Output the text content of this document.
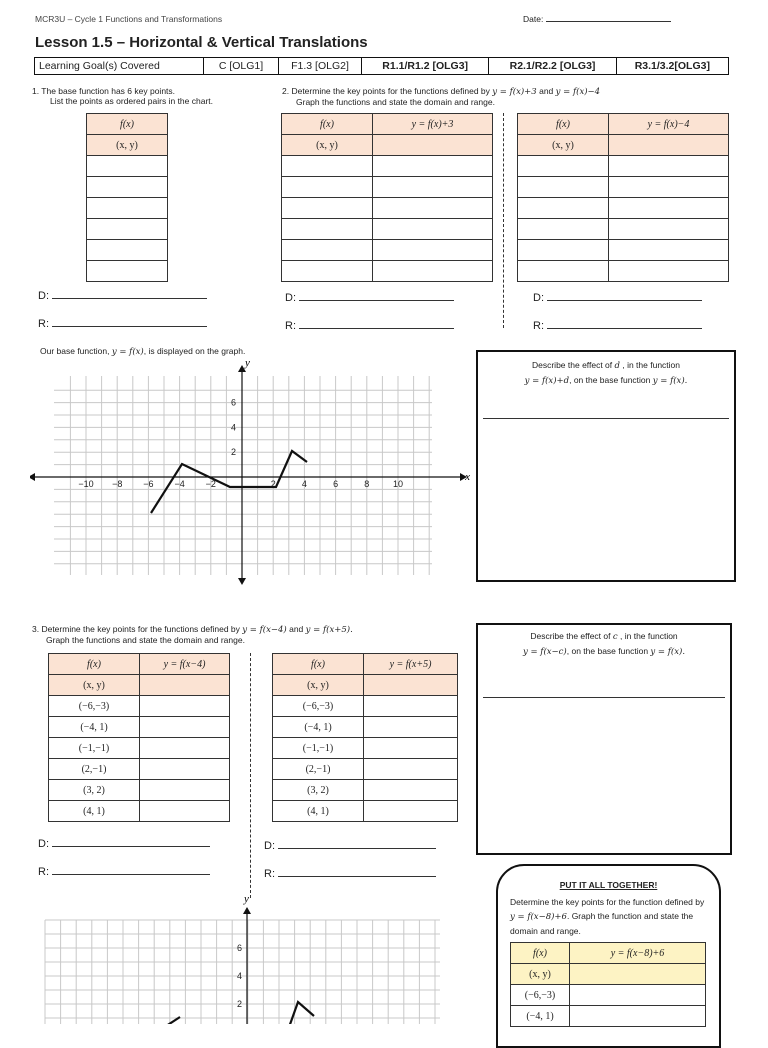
MCR3U – Cycle 1 Functions and Transformations	Date:
Lesson 1.5 – Horizontal & Vertical Translations
Learning Goal(s) Covered	C [OLG1]	F1.3 [OLG2]	R1.1/R1.2 [OLG3]	R2.1/R2.2 [OLG3]	R3.1/3.2[OLG3]
1. The base function has 6 key points.
List the points as ordered pairs in the chart.
f(x)
(x, y)

2. Determine the key points for the functions defined by y = f(x)+3 and y = f(x)−4
Graph the functions and state the domain and range.
f(x)	y = f(x)+3
(x, y)	

f(x)	y = f(x)−4
(x, y)	

D:
R:
D:
R:
D:
R:
Our base function, y = f(x), is displayed on the graph.
x
y
−10 −8 −6 −4 −2	2	4	6	8	10
6
4
2
Describe the effect of d , in the function
y = f(x)+d, on the base function y = f(x).
3. Determine the key points for the functions defined by y = f(x−4) and y = f(x+5).
Graph the functions and state the domain and range.
f(x)	y = f(x−4)
(x, y)	
(−6,−3)	
(−4, 1)	
(−1,−1)	
(2,−1)	
(3, 2)	
(4, 1)	
f(x)	y = f(x+5)
(x, y)	
(−6,−3)	
(−4, 1)	
(−1,−1)	
(2,−1)	
(3, 2)	
(4, 1)	
Describe the effect of c , in the function
y = f(x−c), on the base function y = f(x).
D:
R:
D:
R:
y
6
4
2
PUT IT ALL TOGETHER!
Determine the key points for the function defined by y = f(x−8)+6. Graph the function and state the domain and range.
f(x)	y = f(x−8)+6
(x, y)	
(−6,−3)	
(−4, 1)	
